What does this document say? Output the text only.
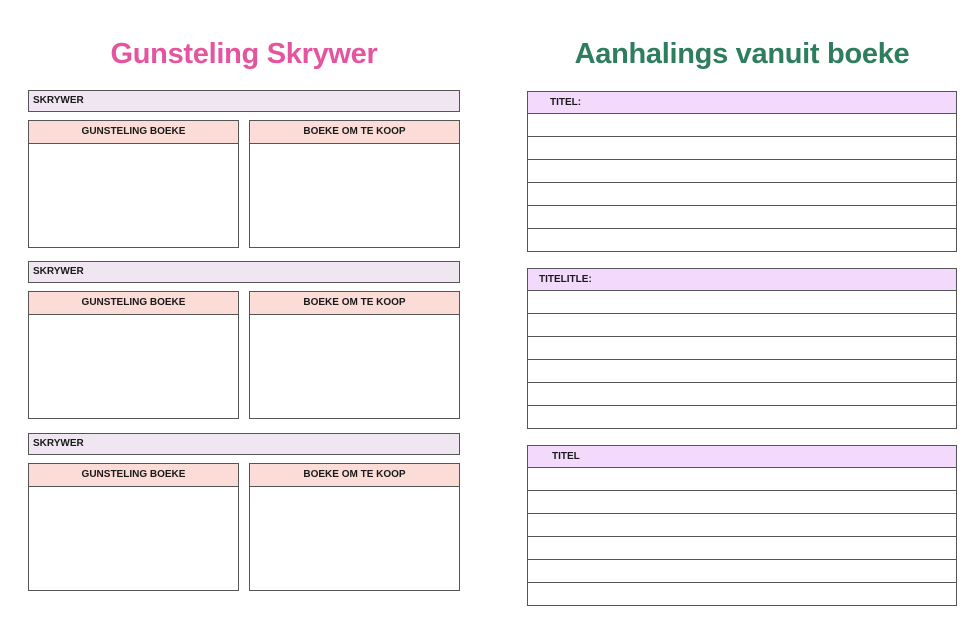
Gunsteling Skrywer	Aanhalings vanuit boeke
SKRYWER
GUNSTELING BOEKE	BOEKE OM TE KOOP
SKRYWER
GUNSTELING BOEKE	BOEKE OM TE KOOP
SKRYWER
GUNSTELING BOEKE	BOEKE OM TE KOOP
TITEL:
TITELITLE:
TITEL
